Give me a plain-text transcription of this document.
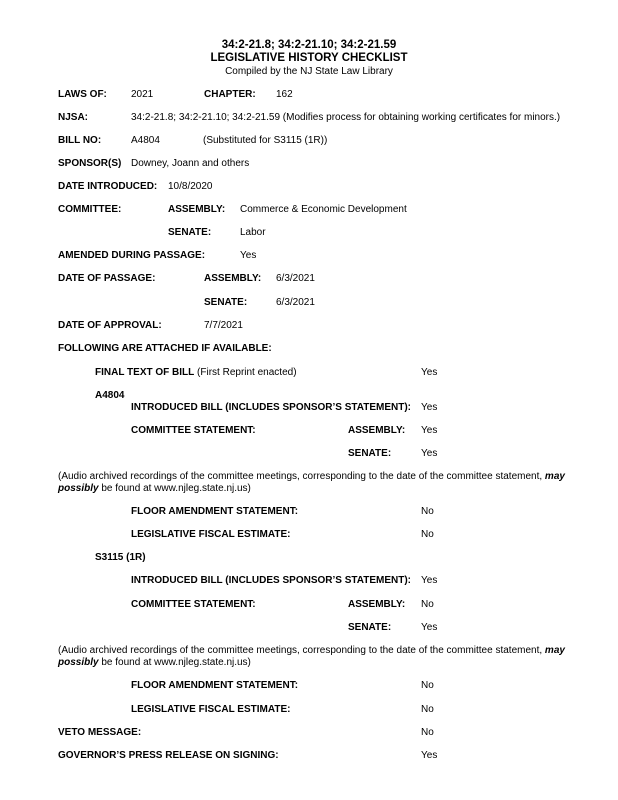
34:2-21.8; 34:2-21.10; 34:2-21.59
LEGISLATIVE HISTORY CHECKLIST
Compiled by the NJ State Law Library
LAWS OF: 2021	CHAPTER: 162
NJSA:	34:2-21.8; 34:2-21.10; 34:2-21.59 (Modifies process for obtaining working certificates for minors.)
BILL NO:	A4804	(Substituted for S3115 (1R))
SPONSOR(S) Downey, Joann and others
DATE INTRODUCED: 10/8/2020
COMMITTEE:	ASSEMBLY: Commerce & Economic Development
SENATE:	Labor
AMENDED DURING PASSAGE:	Yes
DATE OF PASSAGE:	ASSEMBLY: 6/3/2021
SENATE:	6/3/2021
DATE OF APPROVAL:	7/7/2021
FOLLOWING ARE ATTACHED IF AVAILABLE:
FINAL TEXT OF BILL (First Reprint enacted)	Yes
A4804
INTRODUCED BILL (INCLUDES SPONSOR’S STATEMENT): Yes
COMMITTEE STATEMENT:	ASSEMBLY: Yes
SENATE:	Yes
(Audio archived recordings of the committee meetings, corresponding to the date of the committee statement, may possibly be found at www.njleg.state.nj.us)
FLOOR AMENDMENT STATEMENT:	No
LEGISLATIVE FISCAL ESTIMATE:	No
S3115 (1R)
INTRODUCED BILL (INCLUDES SPONSOR’S STATEMENT): Yes
COMMITTEE STATEMENT:	ASSEMBLY: No
SENATE:	Yes
(Audio archived recordings of the committee meetings, corresponding to the date of the committee statement, may possibly be found at www.njleg.state.nj.us)
FLOOR AMENDMENT STATEMENT:	No
LEGISLATIVE FISCAL ESTIMATE:	No
VETO MESSAGE:	No
GOVERNOR’S PRESS RELEASE ON SIGNING:	Yes
